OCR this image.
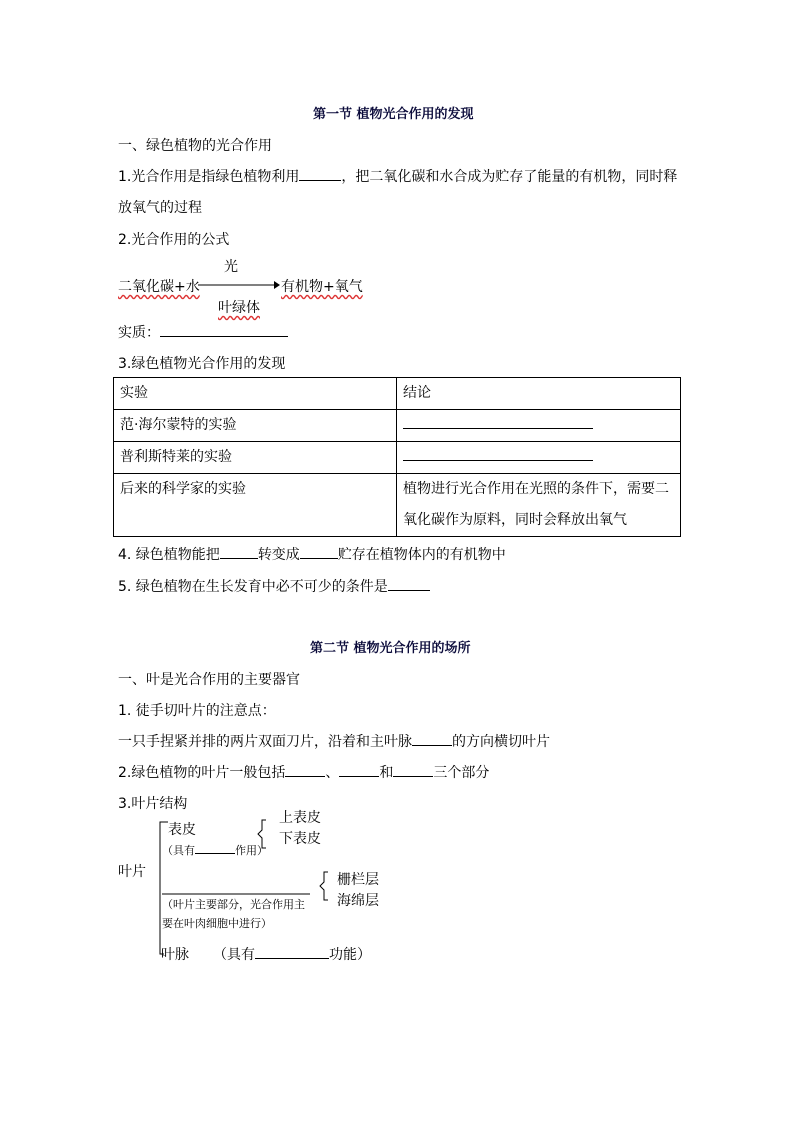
第一节 植物光合作用的发现
一、绿色植物的光合作用
1.光合作用是指绿色植物利用	，把二氧化碳和水合成为贮存了能量的有机物，同时释
放氧气的过程
2.光合作用的公式
光
二氧化碳+水	有机物+氧气
叶绿体
实质：
3.绿色植物光合作用的发现
实验	结论
范·海尔蒙特的实验	
普利斯特莱的实验	
后来的科学家的实验	植物进行光合作用在光照的条件下，需要二
氧化碳作为原料，同时会释放出氧气
4. 绿色植物能把	转变成	贮存在植物体内的有机物中
5. 绿色植物在生长发育中必不可少的条件是
第二节 植物光合作用的场所
一、叶是光合作用的主要器官
1. 徒手切叶片的注意点：
一只手捏紧并排的两片双面刀片，沿着和主叶脉	的方向横切叶片
2.绿色植物的叶片一般包括	、	和	三个部分
3.叶片结构
叶片
表皮
（具有	作用）
上表皮
下表皮
（叶片主要部分，光合作用主
要在叶肉细胞中进行）
栅栏层
海绵层
叶脉 （具有	功能）
